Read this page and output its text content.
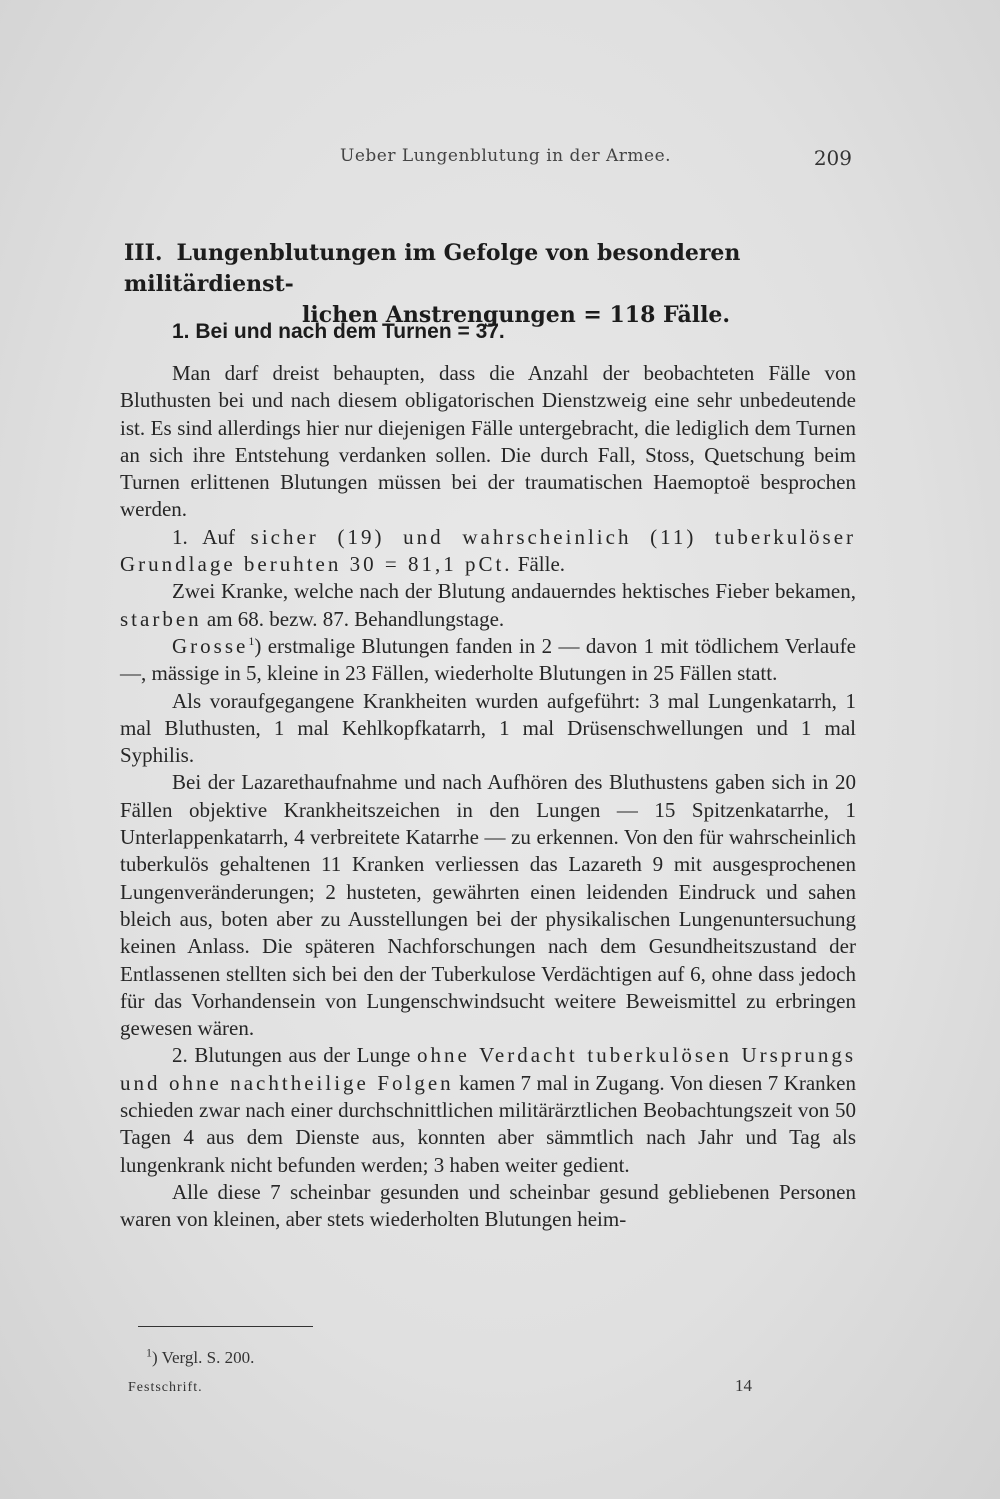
Ueber Lungenblutung in der Armee.	209
III. Lungenblutungen im Gefolge von besonderen militärdienst-
lichen Anstrengungen = 118 Fälle.
1. Bei und nach dem Turnen = 37.

Man darf dreist behaupten, dass die Anzahl der beobachteten Fälle von Bluthusten bei und nach diesem obligatorischen Dienstzweig eine sehr unbedeutende ist. Es sind allerdings hier nur diejenigen Fälle untergebracht, die lediglich dem Turnen an sich ihre Entstehung verdanken sollen. Die durch Fall, Stoss, Quetschung beim Turnen erlittenen Blutungen müssen bei der traumatischen Haemoptoë besprochen werden.

1. Auf sicher (19) und wahrscheinlich (11) tuberkulöser Grundlage beruhten 30 = 81,1 pCt. Fälle.

Zwei Kranke, welche nach der Blutung andauerndes hektisches Fieber bekamen, starben am 68. bezw. 87. Behandlungstage.

Grosse$^1$) erstmalige Blutungen fanden in 2 — davon 1 mit tödlichem Verlaufe —, mässige in 5, kleine in 23 Fällen, wiederholte Blutungen in 25 Fällen statt.

Als voraufgegangene Krankheiten wurden aufgeführt: 3 mal Lungenkatarrh, 1 mal Bluthusten, 1 mal Kehlkopfkatarrh, 1 mal Drüsenschwellungen und 1 mal Syphilis.

Bei der Lazarethaufnahme und nach Aufhören des Bluthustens gaben sich in 20 Fällen objektive Krankheitszeichen in den Lungen — 15 Spitzenkatarrhe, 1 Unterlappenkatarrh, 4 verbreitete Katarrhe — zu erkennen. Von den für wahrscheinlich tuberkulös gehaltenen 11 Kranken verliessen das Lazareth 9 mit ausgesprochenen Lungenveränderungen; 2 husteten, gewährten einen leidenden Eindruck und sahen bleich aus, boten aber zu Ausstellungen bei der physikalischen Lungenuntersuchung keinen Anlass. Die späteren Nachforschungen nach dem Gesundheitszustand der Entlassenen stellten sich bei den der Tuberkulose Verdächtigen auf 6, ohne dass jedoch für das Vorhandensein von Lungenschwindsucht weitere Beweismittel zu erbringen gewesen wären.

2. Blutungen aus der Lunge ohne Verdacht tuberkulösen Ursprungs und ohne nachtheilige Folgen kamen 7 mal in Zugang. Von diesen 7 Kranken schieden zwar nach einer durchschnittlichen militärärztlichen Beobachtungszeit von 50 Tagen 4 aus dem Dienste aus, konnten aber sämmtlich nach Jahr und Tag als lungenkrank nicht befunden werden; 3 haben weiter gedient.

Alle diese 7 scheinbar gesunden und scheinbar gesund gebliebenen Personen waren von kleinen, aber stets wiederholten Blutungen heim-

$^1$) Vergl. S. 200.
Festschrift.	14
